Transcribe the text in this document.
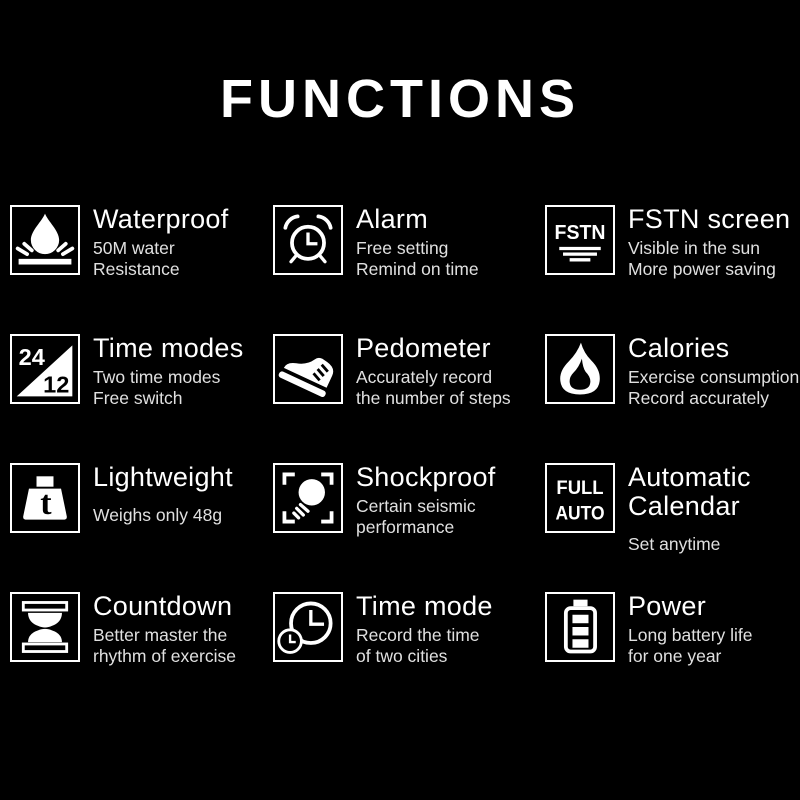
FUNCTIONS
Waterproof
50M water
Resistance
Alarm
Free setting
Remind on time
FSTN FSTN screen
Visible in the sun
More power saving
24
12
Time modes
Two time modes
Free switch
Pedometer
Accurately record
the number of steps
Calories
Exercise consumption
Record accurately
t
Lightweight
Weighs only 48g
Shockproof
Certain seismic
performance
FULL
AUTO
Automatic
Calendar
Set anytime
Countdown
Better master the
rhythm of exercise
Time mode
Record the time
of two cities
Power
Long battery life
for one year
